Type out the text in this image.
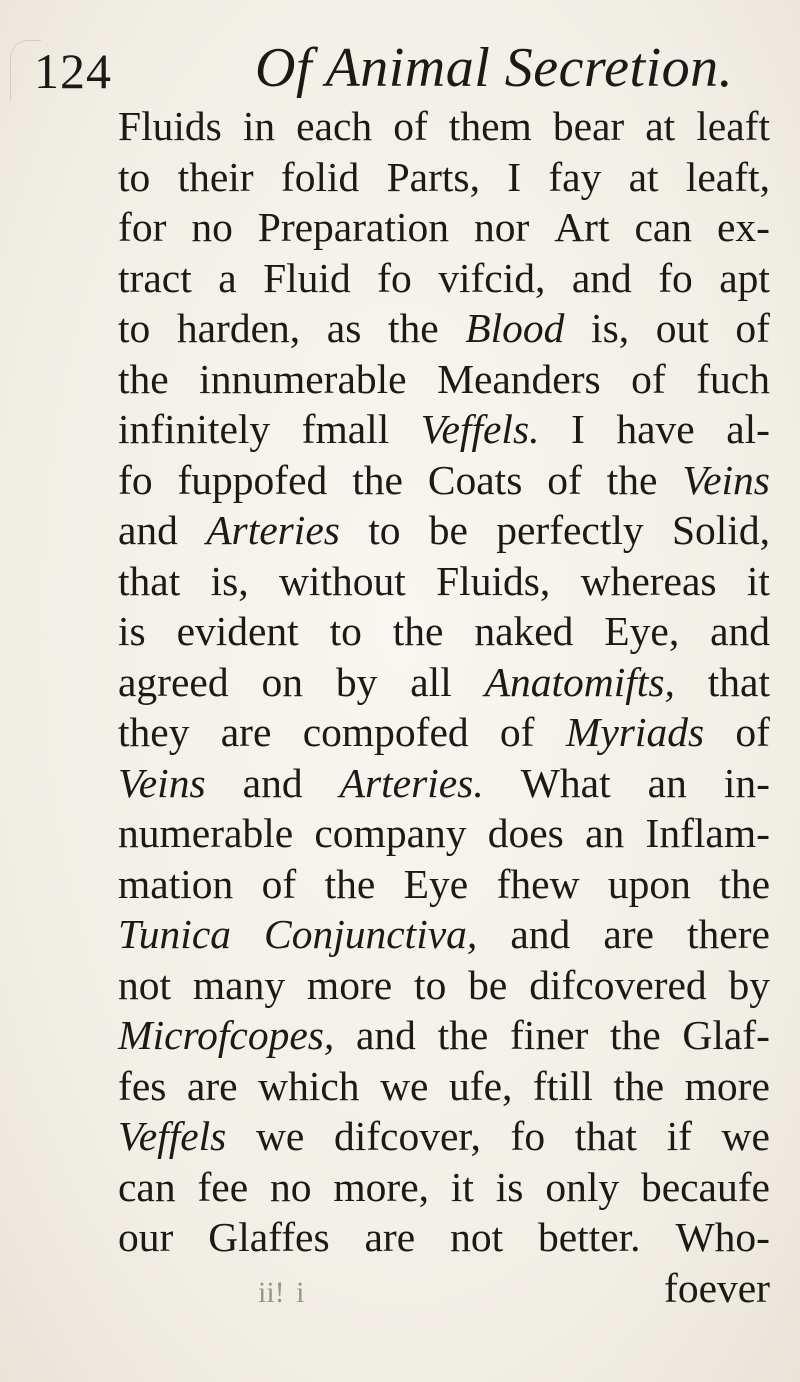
124	Of Animal Secretion.
Fluids in each of them bear at leaft
to their folid Parts, I fay at leaft,
for no Preparation nor Art can ex-
tract a Fluid fo vifcid, and fo apt
to harden, as the Blood is, out of
the innumerable Meanders of fuch
infinitely fmall Veffels. I have al-
fo fuppofed the Coats of the Veins
and Arteries to be perfectly Solid,
that is, without Fluids, whereas it
is evident to the naked Eye, and
agreed on by all Anatomifts, that
they are compofed of Myriads of
Veins and Arteries. What an in-
numerable company does an Inflam-
mation of the Eye fhew upon the
Tunica Conjunctiva, and are there
not many more to be difcovered by
Microfcopes, and the finer the Glaf-
fes are which we ufe, ftill the more
Veffels we difcover, fo that if we
can fee no more, it is only becaufe
our Glaffes are not better. Who-
ii! i	foever
